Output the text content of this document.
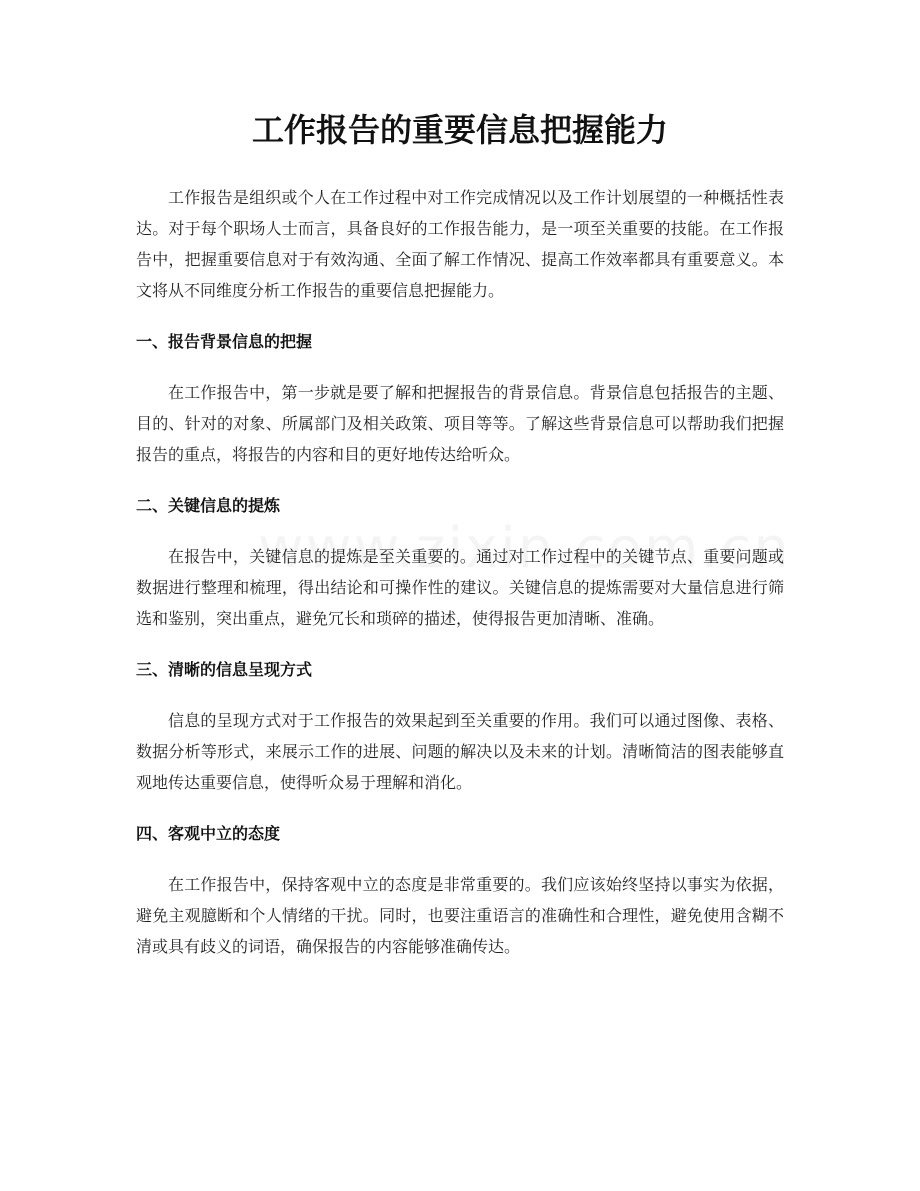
工作报告的重要信息把握能力

工作报告是组织或个人在工作过程中对工作完成情况以及工作计划展望的一种概括性表达。对于每个职场人士而言，具备良好的工作报告能力，是一项至关重要的技能。在工作报告中，把握重要信息对于有效沟通、全面了解工作情况、提高工作效率都具有重要意义。本文将从不同维度分析工作报告的重要信息把握能力。

一、报告背景信息的把握

在工作报告中，第一步就是要了解和把握报告的背景信息。背景信息包括报告的主题、目的、针对的对象、所属部门及相关政策、项目等等。了解这些背景信息可以帮助我们把握报告的重点，将报告的内容和目的更好地传达给听众。

二、关键信息的提炼

在报告中，关键信息的提炼是至关重要的。通过对工作过程中的关键节点、重要问题或数据进行整理和梳理，得出结论和可操作性的建议。关键信息的提炼需要对大量信息进行筛选和鉴别，突出重点，避免冗长和琐碎的描述，使得报告更加清晰、准确。

三、清晰的信息呈现方式

信息的呈现方式对于工作报告的效果起到至关重要的作用。我们可以通过图像、表格、数据分析等形式，来展示工作的进展、问题的解决以及未来的计划。清晰简洁的图表能够直观地传达重要信息，使得听众易于理解和消化。

四、客观中立的态度

在工作报告中，保持客观中立的态度是非常重要的。我们应该始终坚持以事实为依据，避免主观臆断和个人情绪的干扰。同时，也要注重语言的准确性和合理性，避免使用含糊不清或具有歧义的词语，确保报告的内容能够准确传达。
